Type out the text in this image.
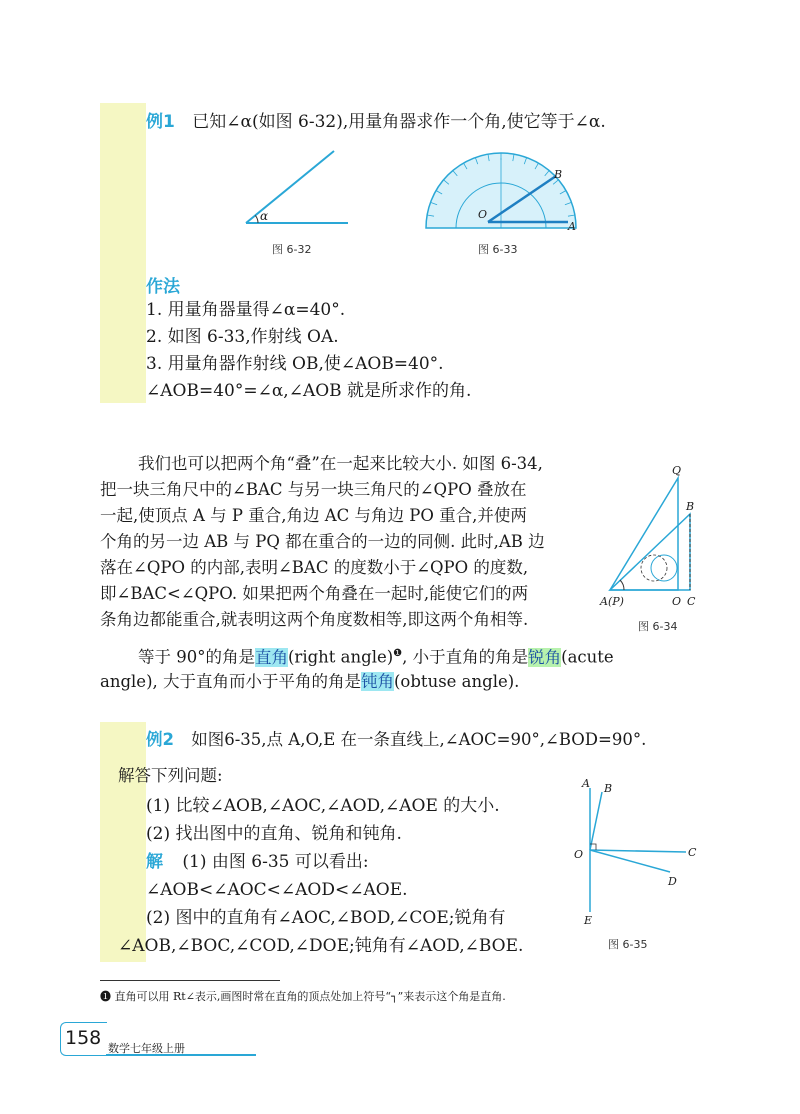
例1 已知∠α(如图 6-32),用量角器求作一个角,使它等于∠α.
α
图 6-32
O
B
A
图 6-33
作法
1. 用量角器量得∠α=40°.
2. 如图 6-33,作射线 OA.
3. 用量角器作射线 OB,使∠AOB=40°.
∠AOB=40°=∠α,∠AOB 就是所求作的角.
我们也可以把两个角“叠”在一起来比较大小. 如图 6-34,
把一块三角尺中的∠BAC 与另一块三角尺的∠QPO 叠放在
一起,使顶点 A 与 P 重合,角边 AC 与角边 PO 重合,并使两
个角的另一边 AB 与 PQ 都在重合的一边的同侧. 此时,AB 边
落在∠QPO 的内部,表明∠BAC 的度数小于∠QPO 的度数,
即∠BAC<∠QPO. 如果把两个角叠在一起时,能使它们的两
条角边都能重合,就表明这两个角度数相等,即这两个角相等.
Q
B
A(P)	O C
图 6-34
等于 90°的角是直角(right angle)$^❶$, 小于直角的角是锐角(acute
angle), 大于直角而小于平角的角是钝角(obtuse angle).
例2 如图6-35,点 A,O,E 在一条直线上,∠AOC=90°,∠BOD=90°.
解答下列问题:
(1) 比较∠AOB,∠AOC,∠AOD,∠AOE 的大小.
(2) 找出图中的直角、锐角和钝角.
解 (1) 由图 6-35 可以看出:
∠AOB<∠AOC<∠AOD<∠AOE.
(2) 图中的直角有∠AOC,∠BOD,∠COE;锐角有
∠AOB,∠BOC,∠COD,∠DOE;钝角有∠AOD,∠BOE.
A B
O	C
D
E
图 6-35
❶ 直角可以用 Rt∠表示,画图时常在直角的顶点处加上符号“┐”来表示这个角是直角.
158 数学七年级上册
